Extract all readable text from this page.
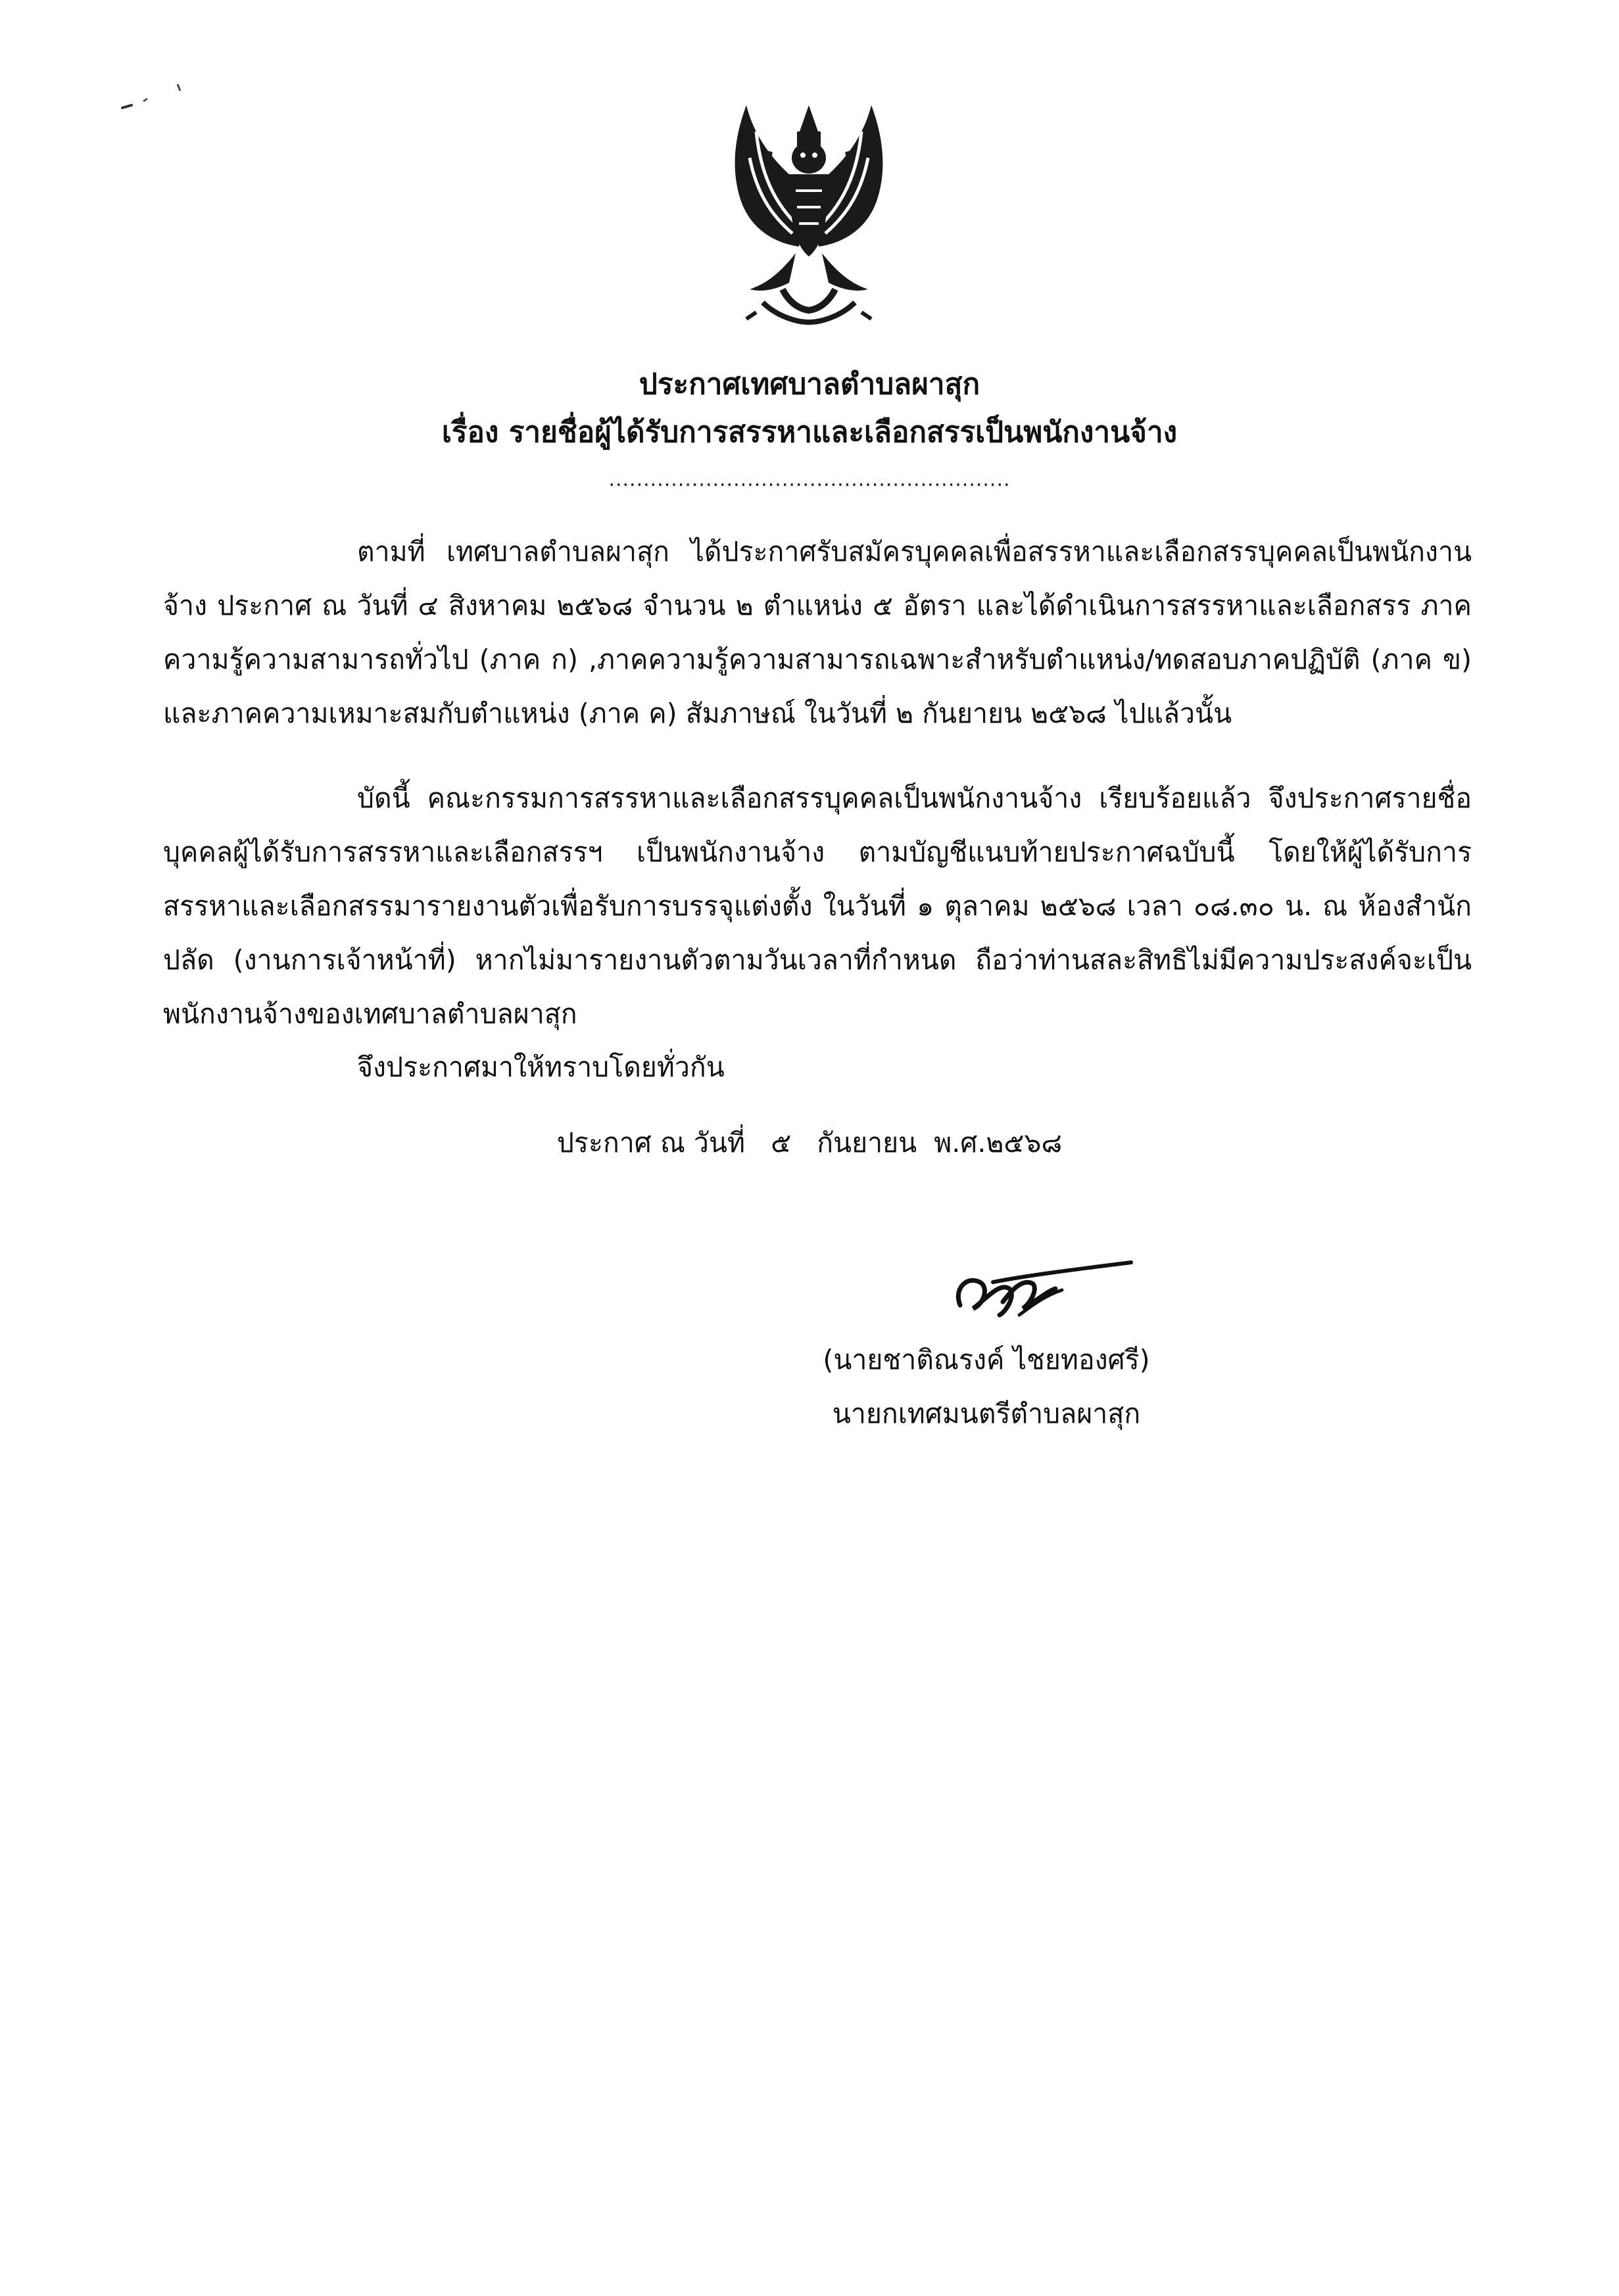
ประกาศเทศบาลตำบลผาสุก
เรื่อง รายชื่อผู้ได้รับการสรรหาและเลือกสรรเป็นพนักงานจ้าง
..........................................................
ตามที่ เทศบาลตำบลผาสุก ได้ประกาศรับสมัครบุคคลเพื่อสรรหาและเลือกสรรบุคคลเป็นพนักงานจ้าง ประกาศ ณ วันที่ ๔ สิงหาคม ๒๕๖๘ จำนวน ๒ ตำแหน่ง ๕ อัตรา และได้ดำเนินการสรรหาและเลือกสรร ภาคความรู้ความสามารถทั่วไป (ภาค ก) ,ภาคความรู้ความสามารถเฉพาะสำหรับตำแหน่ง/ทดสอบภาคปฏิบัติ (ภาค ข) และภาคความเหมาะสมกับตำแหน่ง (ภาค ค) สัมภาษณ์ ในวันที่ ๒ กันยายน ๒๕๖๘ ไปแล้วนั้น
บัดนี้ คณะกรรมการสรรหาและเลือกสรรบุคคลเป็นพนักงานจ้าง เรียบร้อยแล้ว จึงประกาศรายชื่อบุคคลผู้ได้รับการสรรหาและเลือกสรรฯ เป็นพนักงานจ้าง ตามบัญชีแนบท้ายประกาศฉบับนี้ โดยให้ผู้ได้รับการสรรหาและเลือกสรรมารายงานตัวเพื่อรับการบรรจุแต่งตั้ง ในวันที่ ๑ ตุลาคม ๒๕๖๘ เวลา ๐๘.๓๐ น. ณ ห้องสำนักปลัด (งานการเจ้าหน้าที่) หากไม่มารายงานตัวตามวันเวลาที่กำหนด ถือว่าท่านสละสิทธิไม่มีความประสงค์จะเป็นพนักงานจ้างของเทศบาลตำบลผาสุก
จึงประกาศมาให้ทราบโดยทั่วกัน
ประกาศ ณ วันที่   ๕   กันยายน  พ.ศ.๒๕๖๘
(นายชาติณรงค์ ไชยทองศรี)
นายกเทศมนตรีตำบลผาสุก
